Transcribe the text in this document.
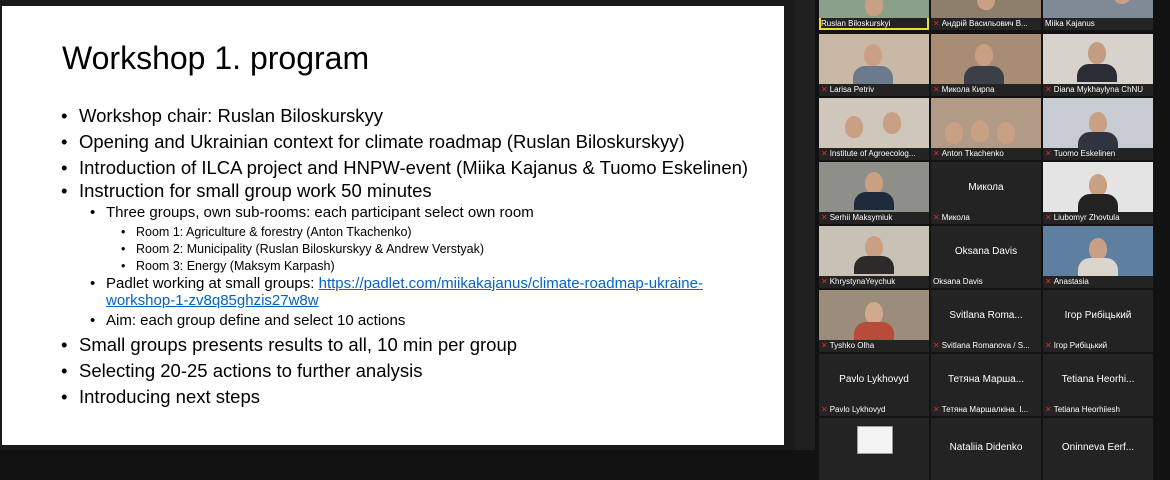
Workshop 1. program
• Workshop chair: Ruslan Biloskurskyy
• Opening and Ukrainian context for climate roadmap (Ruslan Biloskurskyy)
• Introduction of ILCA project and HNPW-event (Miika Kajanus & Tuomo Eskelinen)
• Instruction for small group work 50 minutes
• Three groups, own sub-rooms: each participant select own room
• Room 1: Agriculture & forestry (Anton Tkachenko)
• Room 2: Municipality (Ruslan Biloskurskyy & Andrew Verstyak)
• Room 3: Energy (Maksym Karpash)
• Padlet working at small groups: https://padlet.com/miikakajanus/climate-roadmap-ukraine-workshop-1-zv8q85ghzis27w8w
• Aim: each group define and select 10 actions
• Small groups presents results to all, 10 min per group
• Selecting 20-25 actions to further analysis
• Introducing next steps
Ruslan Biloskurskyi	✕ Андрій Васильович В...	Miika Kajanus
✕ Larisa Petriv	✕ Микола Кирпа	✕ Diana Mykhaylyna ChNU
✕ Institute of Agroecolog...	✕ Anton Tkachenko	✕ Tuomo Eskelinen
✕ Serhii Maksymiuk
Микола
✕ Микола	✕ Liubomyr Zhovtula
✕ KhrystynaYeychuk
Oksana Davis
Oksana Davis	✕ Anastasia
✕ Tyshko Olha
Svitlana Roma...
✕ Svitlana Romanova / S...
Ігор Рибіцький
✕ Ігор Рибіцький
Pavlo Lykhovyd
✕ Pavlo Lykhovyd
Тетяна Марша...
✕ Тетяна Маршалкіна. І...
Tetiana Heorhi...
✕ Tetiana Heorhiiesh
Nataliia Didenko	Oninneva Eerf...
